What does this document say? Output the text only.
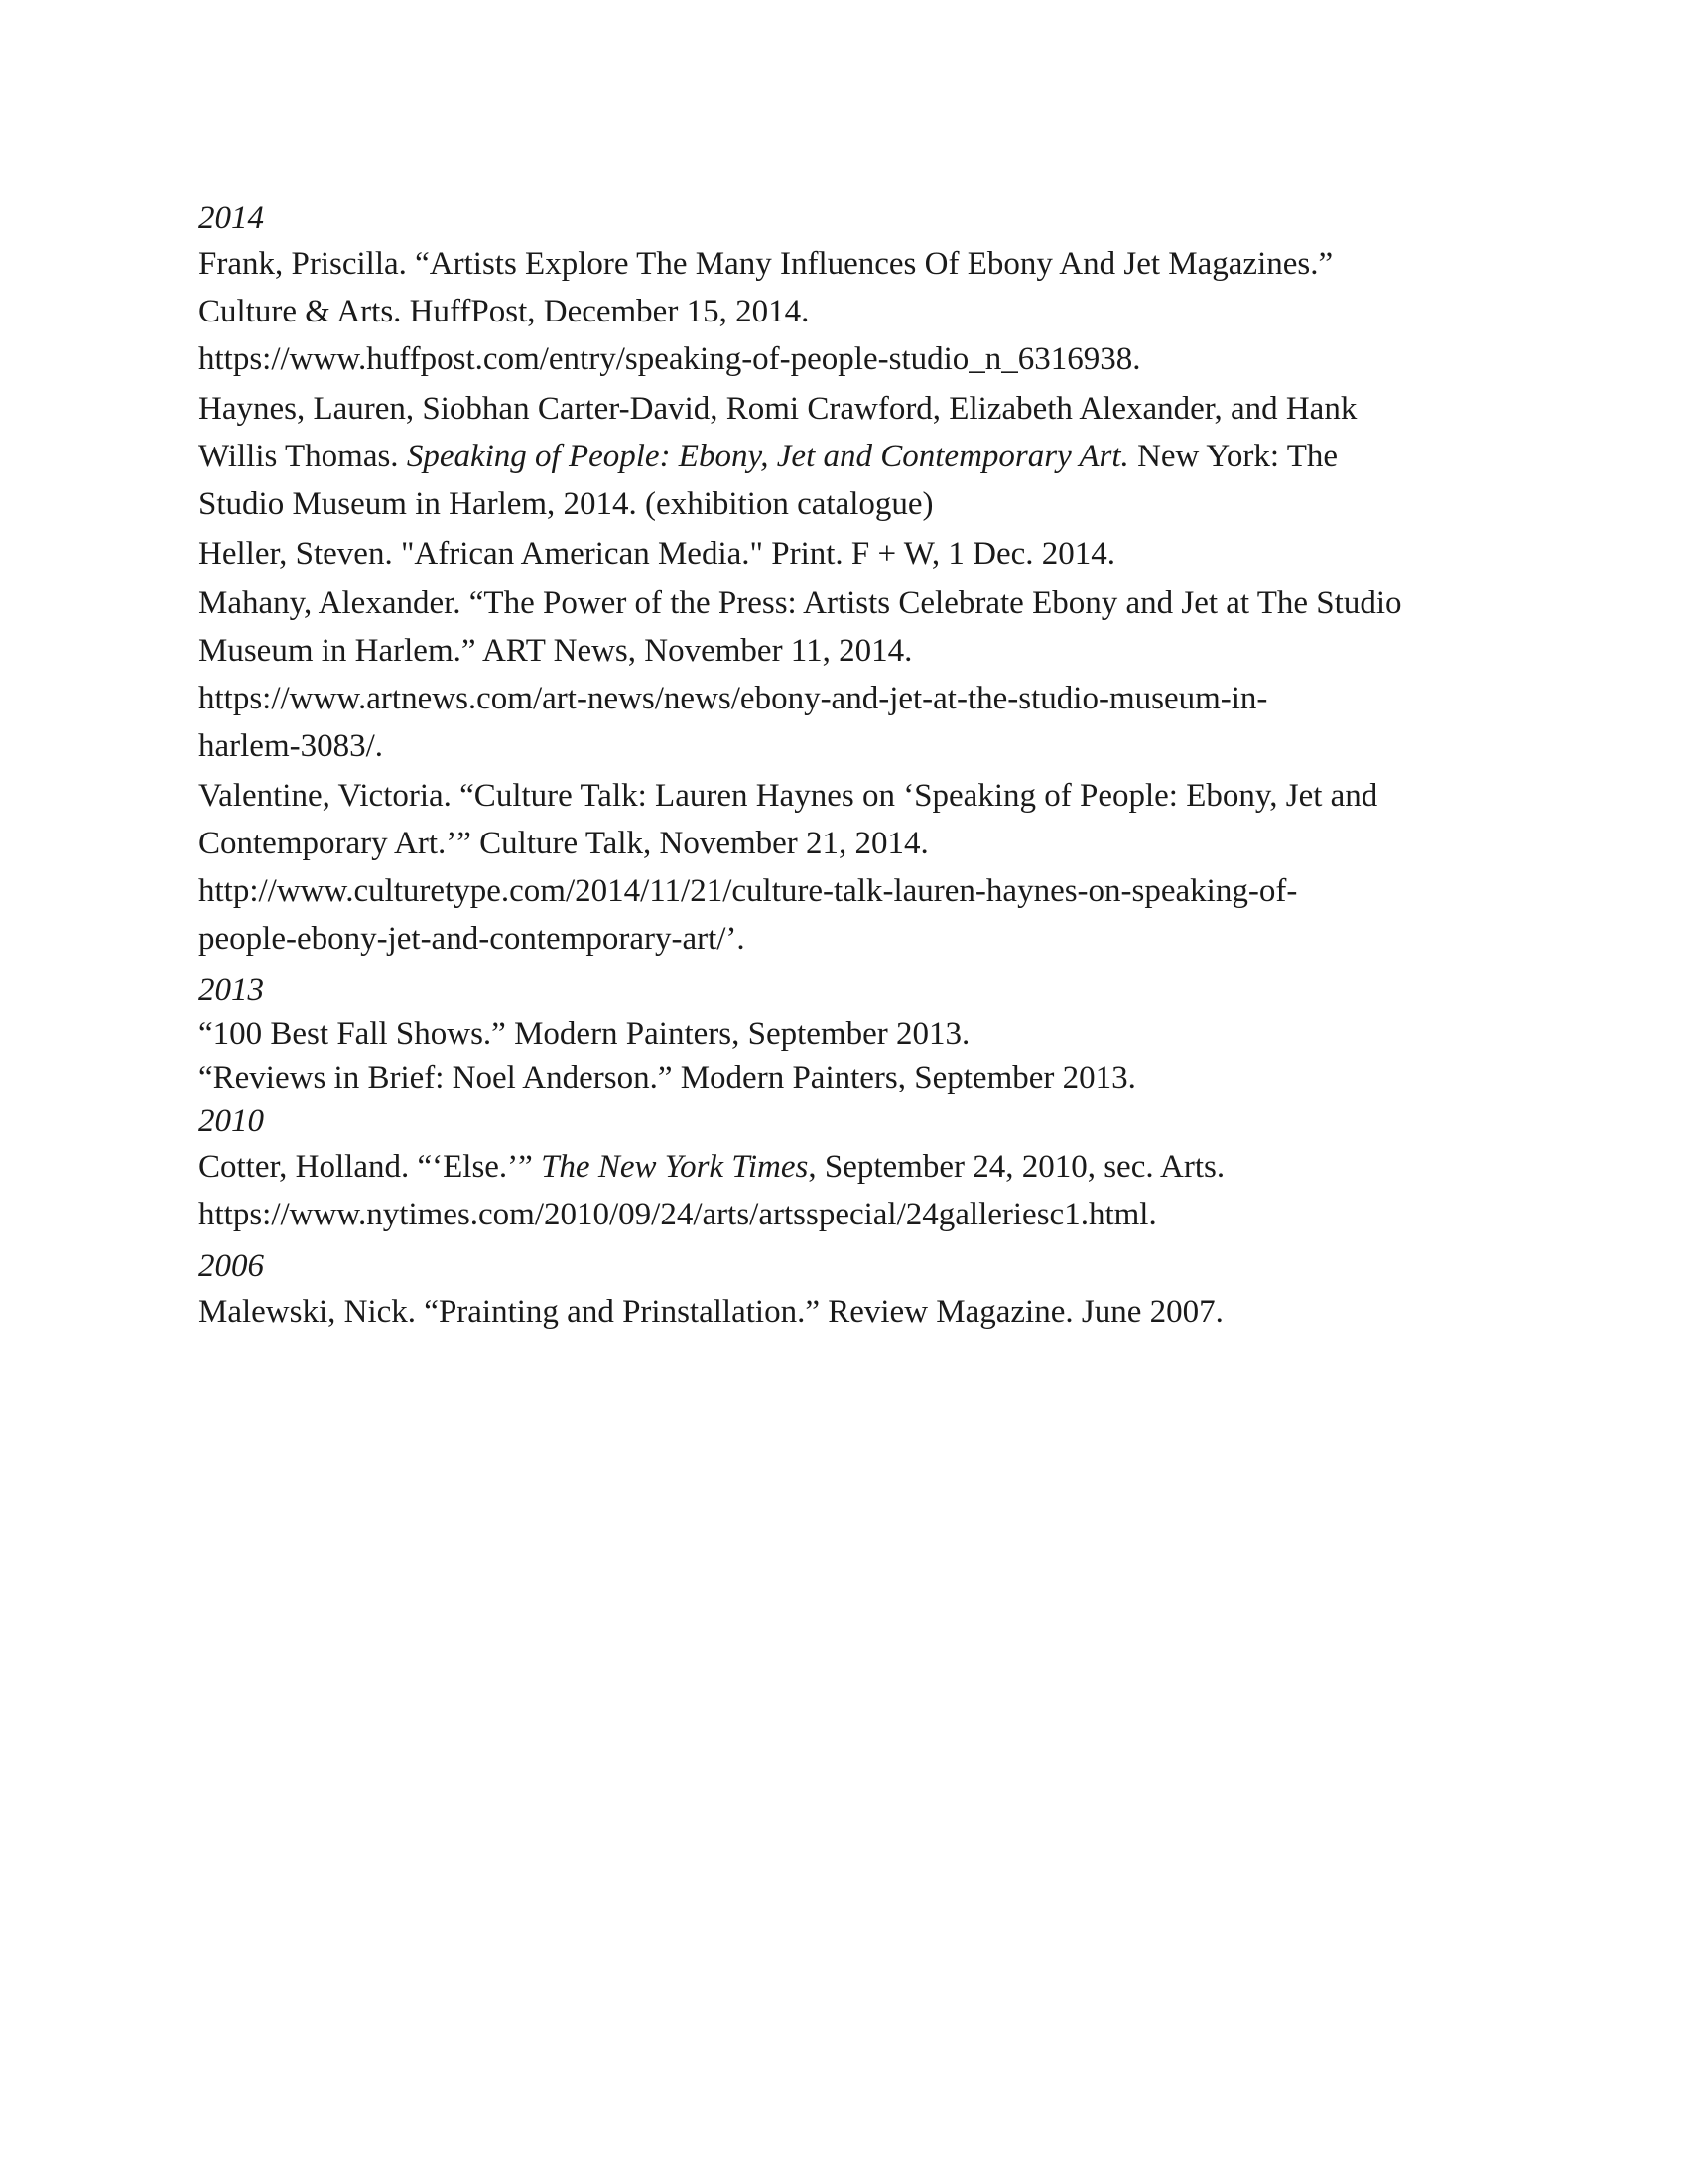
2014

Frank, Priscilla. “Artists Explore The Many Influences Of Ebony And Jet Magazines.”
Culture & Arts. HuffPost, December 15, 2014.
https://www.huffpost.com/entry/speaking-of-people-studio_n_6316938.

Haynes, Lauren, Siobhan Carter-David, Romi Crawford, Elizabeth Alexander, and Hank
Willis Thomas. Speaking of People: Ebony, Jet and Contemporary Art. New York: The
Studio Museum in Harlem, 2014. (exhibition catalogue)

Heller, Steven. "African American Media." Print. F + W, 1 Dec. 2014.

Mahany, Alexander. “The Power of the Press: Artists Celebrate Ebony and Jet at The Studio
Museum in Harlem.” ART News, November 11, 2014.
https://www.artnews.com/art-news/news/ebony-and-jet-at-the-studio-museum-in-
harlem-3083/.

Valentine, Victoria. “Culture Talk: Lauren Haynes on ‘Speaking of People: Ebony, Jet and
Contemporary Art.’” Culture Talk, November 21, 2014.
http://www.culturetype.com/2014/11/21/culture-talk-lauren-haynes-on-speaking-of-
people-ebony-jet-and-contemporary-art/’.

2013

“100 Best Fall Shows.” Modern Painters, September 2013.

“Reviews in Brief: Noel Anderson.” Modern Painters, September 2013.

2010

Cotter, Holland. “‘Else.’” The New York Times, September 24, 2010, sec. Arts.
https://www.nytimes.com/2010/09/24/arts/artsspecial/24galleriesc1.html.

2006

Malewski, Nick. “Prainting and Prinstallation.” Review Magazine. June 2007.
